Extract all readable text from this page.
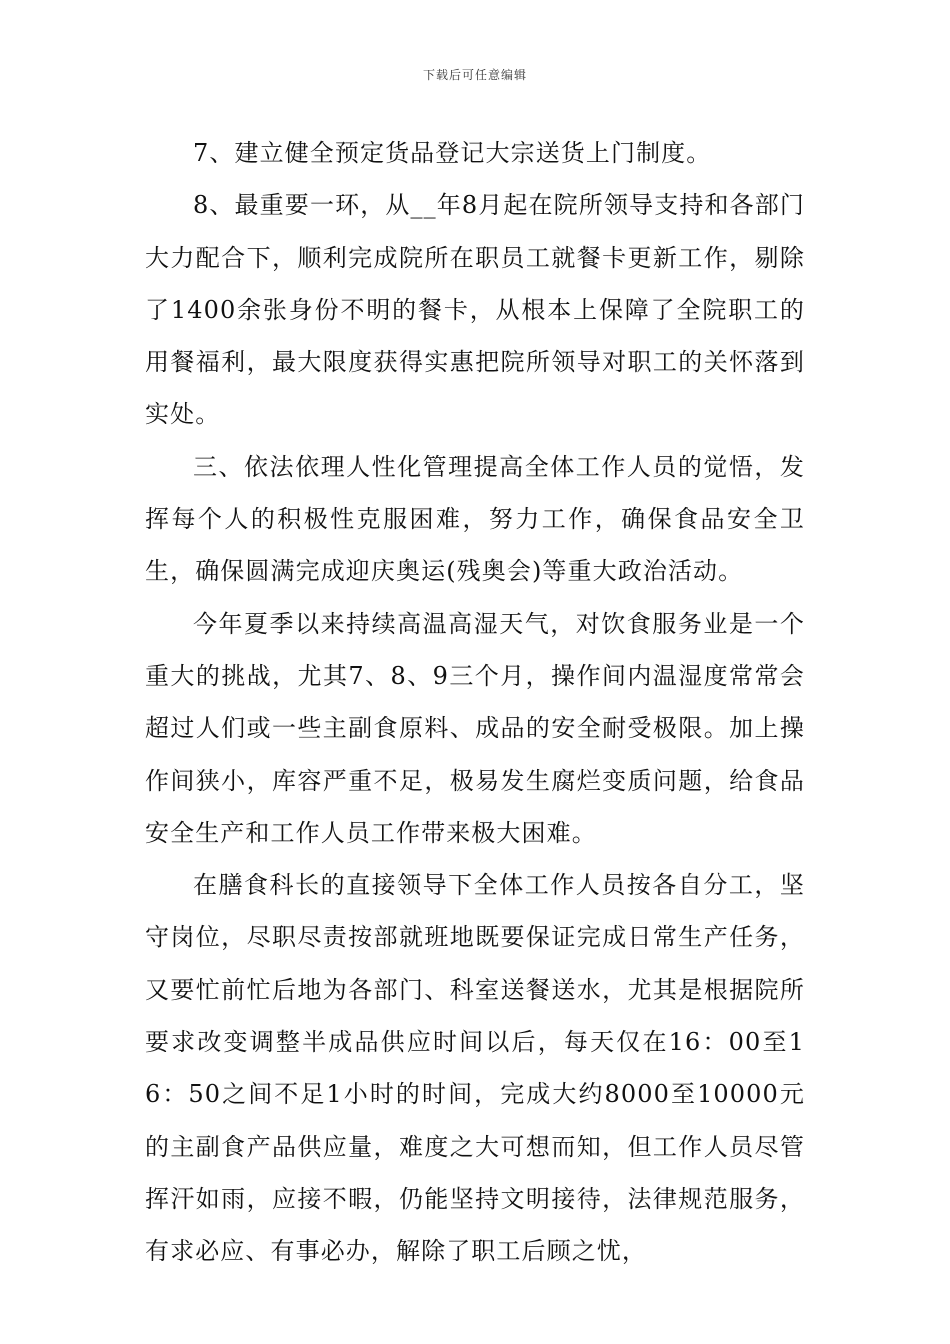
下载后可任意编辑

7、建立健全预定货品登记大宗送货上门制度。

8、最重要一环，从__年8月起在院所领导支持和各部门大力配合下，顺利完成院所在职员工就餐卡更新工作，剔除了1400余张身份不明的餐卡，从根本上保障了全院职工的用餐福利，最大限度获得实惠把院所领导对职工的关怀落到实处。

三、依法依理人性化管理提高全体工作人员的觉悟，发挥每个人的积极性克服困难，努力工作，确保食品安全卫生，确保圆满完成迎庆奥运(残奥会)等重大政治活动。

今年夏季以来持续高温高湿天气，对饮食服务业是一个重大的挑战，尤其7、8、9三个月，操作间内温湿度常常会超过人们或一些主副食原料、成品的安全耐受极限。加上操作间狭小，库容严重不足，极易发生腐烂变质问题，给食品安全生产和工作人员工作带来极大困难。

在膳食科长的直接领导下全体工作人员按各自分工，坚守岗位，尽职尽责按部就班地既要保证完成日常生产任务，又要忙前忙后地为各部门、科室送餐送水，尤其是根据院所要求改变调整半成品供应时间以后，每天仅在16：00至16：50之间不足1小时的时间，完成大约8000至10000元的主副食产品供应量，难度之大可想而知，但工作人员尽管挥汗如雨，应接不暇，仍能坚持文明接待，法律规范服务，有求必应、有事必办，解除了职工后顾之忧，
